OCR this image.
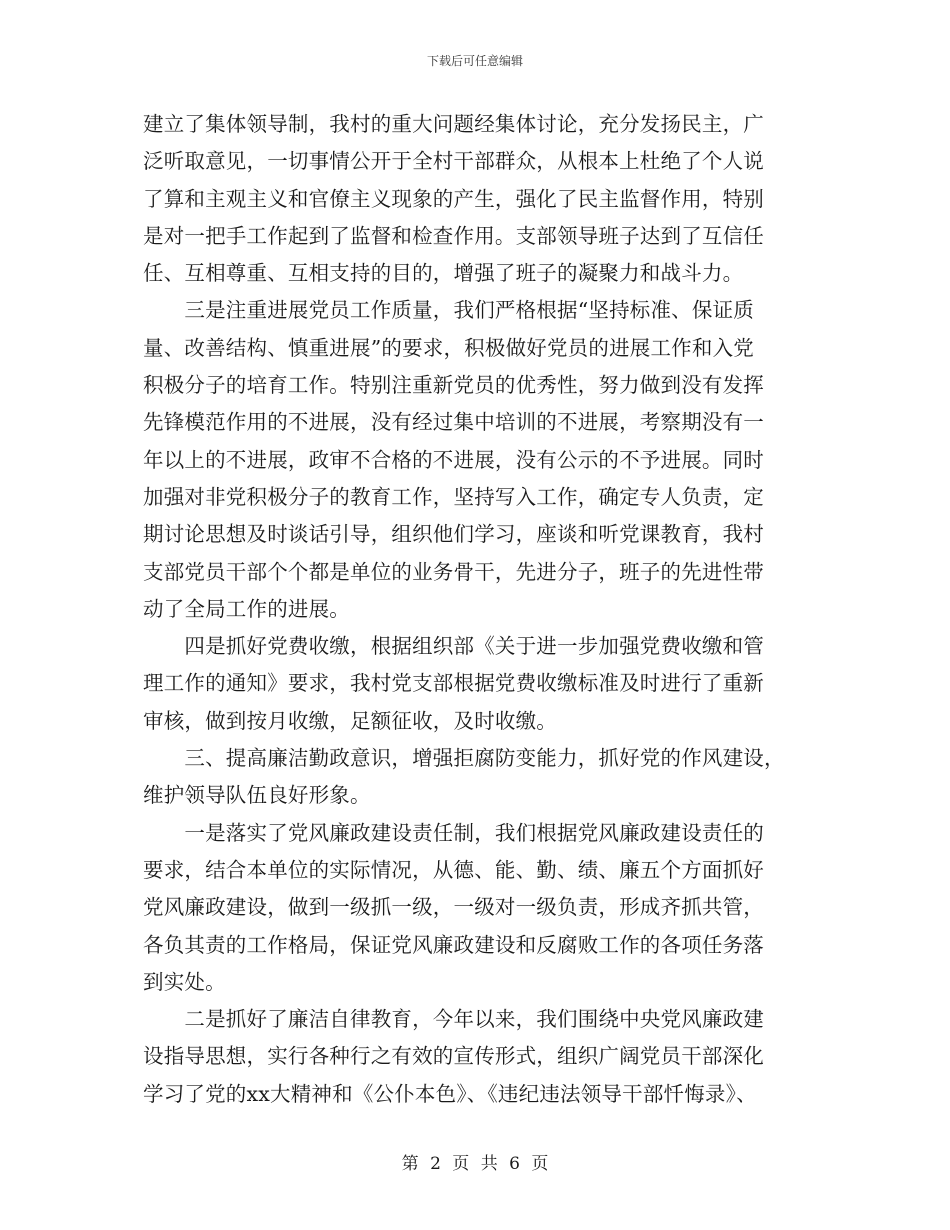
下载后可任意编辑
建立了集体领导制，我村的重大问题经集体讨论，充分发扬民主，广
泛听取意见，一切事情公开于全村干部群众，从根本上杜绝了个人说
了算和主观主义和官僚主义现象的产生，强化了民主监督作用，特别
是对一把手工作起到了监督和检查作用。支部领导班子达到了互信任
任、互相尊重、互相支持的目的，增强了班子的凝聚力和战斗力。
　　三是注重进展党员工作质量，我们严格根据“坚持标准、保证质
量、改善结构、慎重进展”的要求，积极做好党员的进展工作和入党
积极分子的培育工作。特别注重新党员的优秀性，努力做到没有发挥
先锋模范作用的不进展，没有经过集中培训的不进展，考察期没有一
年以上的不进展，政审不合格的不进展，没有公示的不予进展。同时
加强对非党积极分子的教育工作，坚持写入工作，确定专人负责，定
期讨论思想及时谈话引导，组织他们学习，座谈和听党课教育，我村
支部党员干部个个都是单位的业务骨干，先进分子，班子的先进性带
动了全局工作的进展。
　　四是抓好党费收缴，根据组织部《关于进一步加强党费收缴和管
理工作的通知》要求，我村党支部根据党费收缴标准及时进行了重新
审核，做到按月收缴，足额征收，及时收缴。
　　三、提高廉洁勤政意识，增强拒腐防变能力，抓好党的作风建设，
维护领导队伍良好形象。
　　一是落实了党风廉政建设责任制，我们根据党风廉政建设责任的
要求，结合本单位的实际情况，从德、能、勤、绩、廉五个方面抓好
党风廉政建设，做到一级抓一级，一级对一级负责，形成齐抓共管，
各负其责的工作格局，保证党风廉政建设和反腐败工作的各项任务落
到实处。
　　二是抓好了廉洁自律教育，今年以来，我们围绕中央党风廉政建
设指导思想，实行各种行之有效的宣传形式，组织广阔党员干部深化
学习了党的xx大精神和《公仆本色》、《违纪违法领导干部忏悔录》、
第 2 页 共 6 页
